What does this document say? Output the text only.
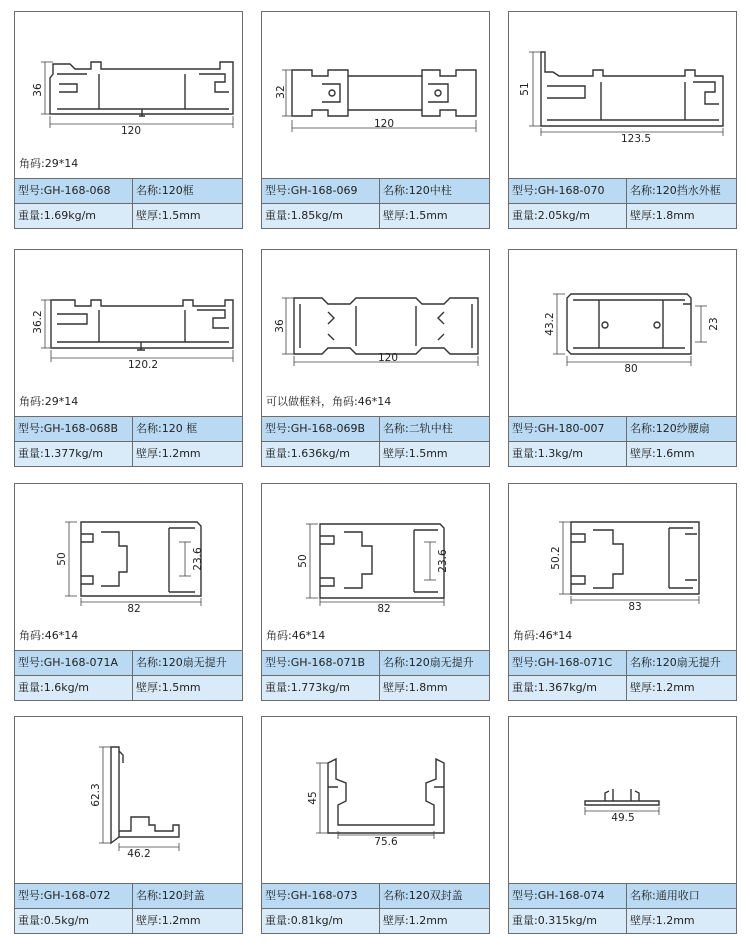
120
36
角码:29*14
型号:GH-168-068	名称:120框
重量:1.69kg/m	壁厚:1.5mm
120
32
型号:GH-168-069	名称:120中柱
重量:1.85kg/m	壁厚:1.5mm
123.5
51
型号:GH-168-070	名称:120挡水外框
重量:2.05kg/m	壁厚:1.8mm
120.2
36.2
角码:29*14
型号:GH-168-068B	名称:120 框
重量:1.377kg/m	壁厚:1.2mm
120
36
可以做框料，角码:46*14
型号:GH-168-069B	名称:二轨中柱
重量:1.636kg/m	壁厚:1.5mm
80
43.2	23
型号:GH-180-007	名称:120纱腰扇
重量:1.3kg/m	壁厚:1.6mm
82
50	23.6
角码:46*14
型号:GH-168-071A	名称:120扇无提升
重量:1.6kg/m	壁厚:1.5mm
82
50	23.6
角码:46*14
型号:GH-168-071B	名称:120扇无提升
重量:1.773kg/m	壁厚:1.8mm
83
50.2
角码:46*14
型号:GH-168-071C	名称:120扇无提升
重量:1.367kg/m	壁厚:1.2mm
46.2
62.3
型号:GH-168-072	名称:120封盖
重量:0.5kg/m	壁厚:1.2mm
75.6
45
型号:GH-168-073	名称:120双封盖
重量:0.81kg/m	壁厚:1.2mm
49.5
型号:GH-168-074	名称:通用收口
重量:0.315kg/m	壁厚:1.2mm
